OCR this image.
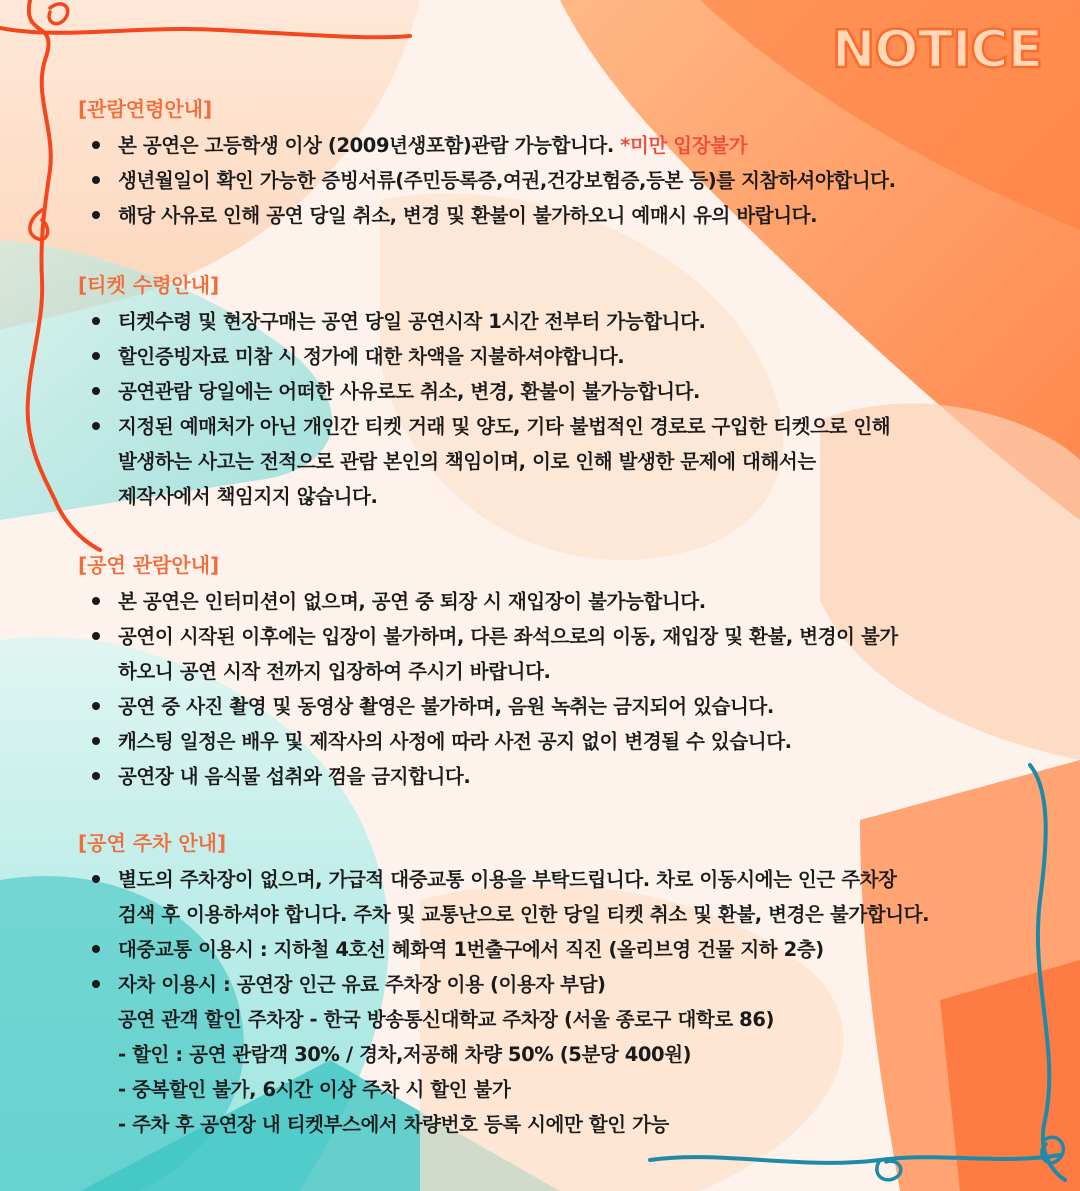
NOTICE
[관람연령안내]
본 공연은 고등학생 이상 (2009년생포함)관람 가능합니다. *미만 입장불가
생년월일이 확인 가능한 증빙서류(주민등록증,여권,건강보험증,등본 등)를 지참하셔야합니다.
해당 사유로 인해 공연 당일 취소, 변경 및 환불이 불가하오니 예매시 유의 바랍니다.
[티켓 수령안내]
티켓수령 및 현장구매는 공연 당일 공연시작 1시간 전부터 가능합니다.
할인증빙자료 미참 시 정가에 대한 차액을 지불하셔야합니다.
공연관람 당일에는 어떠한 사유로도 취소, 변경, 환불이 불가능합니다.
지정된 예매처가 아닌 개인간 티켓 거래 및 양도, 기타 불법적인 경로로 구입한 티켓으로 인해
발생하는 사고는 전적으로 관람 본인의 책임이며, 이로 인해 발생한 문제에 대해서는
제작사에서 책임지지 않습니다.
[공연 관람안내]
본 공연은 인터미션이 없으며, 공연 중 퇴장 시 재입장이 불가능합니다.
공연이 시작된 이후에는 입장이 불가하며, 다른 좌석으로의 이동, 재입장 및 환불, 변경이 불가
하오니 공연 시작 전까지 입장하여 주시기 바랍니다.
공연 중 사진 촬영 및 동영상 촬영은 불가하며, 음원 녹취는 금지되어 있습니다.
캐스팅 일정은 배우 및 제작사의 사정에 따라 사전 공지 없이 변경될 수 있습니다.
공연장 내 음식물 섭취와 껌을 금지합니다.
[공연 주차 안내]
별도의 주차장이 없으며, 가급적 대중교통 이용을 부탁드립니다. 차로 이동시에는 인근 주차장
검색 후 이용하셔야 합니다. 주차 및 교통난으로 인한 당일 티켓 취소 및 환불, 변경은 불가합니다.
대중교통 이용시 : 지하철 4호선 혜화역 1번출구에서 직진 (올리브영 건물 지하 2층)
자차 이용시 : 공연장 인근 유료 주차장 이용 (이용자 부담)
공연 관객 할인 주차장 - 한국 방송통신대학교 주차장 (서울 종로구 대학로 86)
- 할인 : 공연 관람객 30% / 경차,저공해 차량 50% (5분당 400원)
- 중복할인 불가, 6시간 이상 주차 시 할인 불가
- 주차 후 공연장 내 티켓부스에서 차량번호 등록 시에만 할인 가능
